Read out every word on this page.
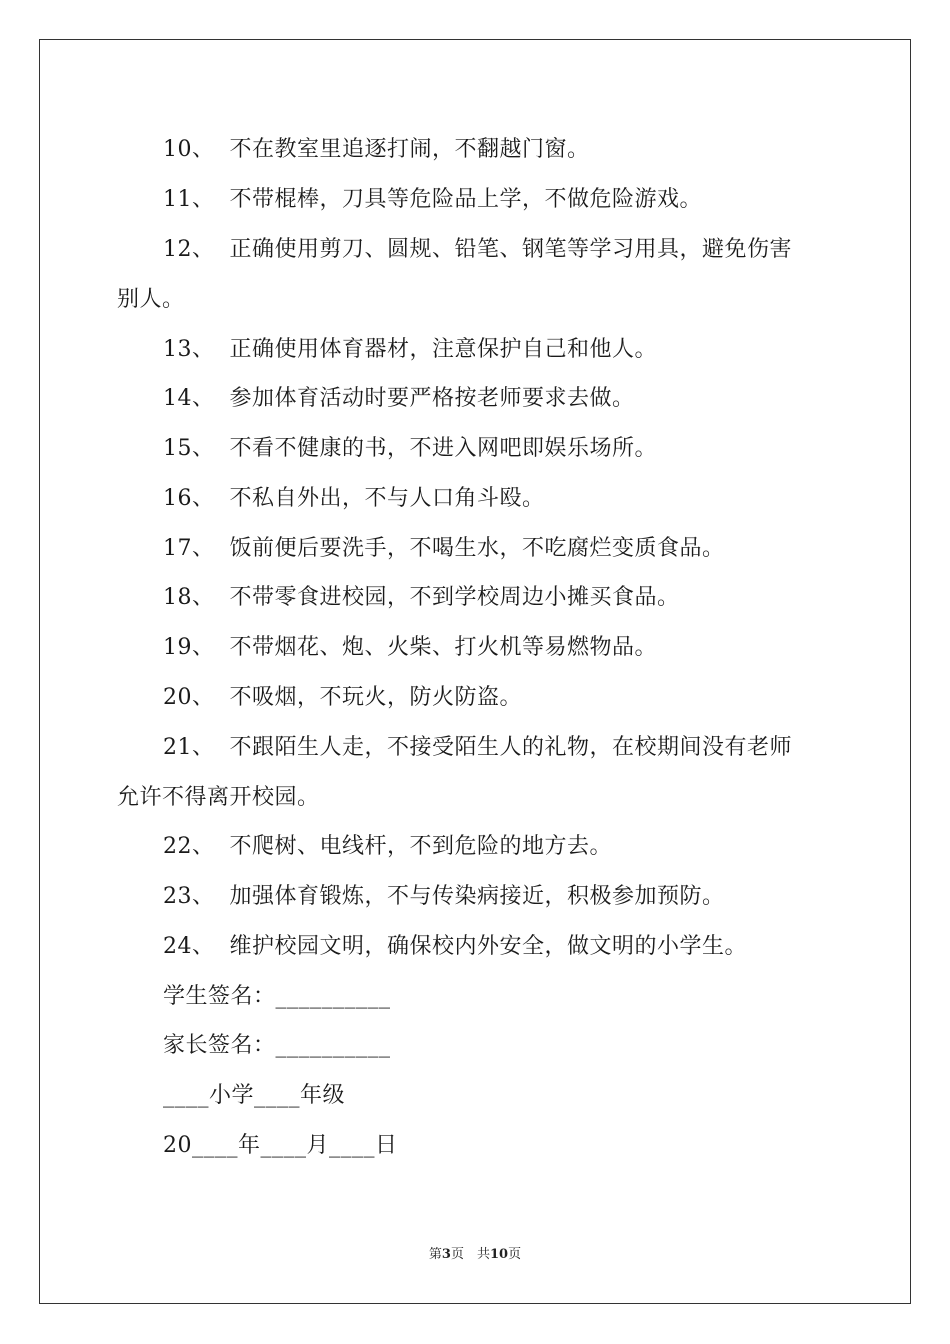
10、 不在教室里追逐打闹，不翻越门窗。
11、 不带棍棒，刀具等危险品上学，不做危险游戏。
12、 正确使用剪刀、圆规、铅笔、钢笔等学习用具，避免伤害
别人。
13、 正确使用体育器材，注意保护自己和他人。
14、 参加体育活动时要严格按老师要求去做。
15、 不看不健康的书，不进入网吧即娱乐场所。
16、 不私自外出，不与人口角斗殴。
17、 饭前便后要洗手，不喝生水，不吃腐烂变质食品。
18、 不带零食进校园，不到学校周边小摊买食品。
19、 不带烟花、炮、火柴、打火机等易燃物品。
20、 不吸烟，不玩火，防火防盗。
21、 不跟陌生人走，不接受陌生人的礼物，在校期间没有老师
允许不得离开校园。
22、 不爬树、电线杆，不到危险的地方去。
23、 加强体育锻炼，不与传染病接近，积极参加预防。
24、 维护校园文明，确保校内外安全，做文明的小学生。
学生签名：__________
家长签名：__________
____小学____年级
20____年____月____日
第3页　共10页
